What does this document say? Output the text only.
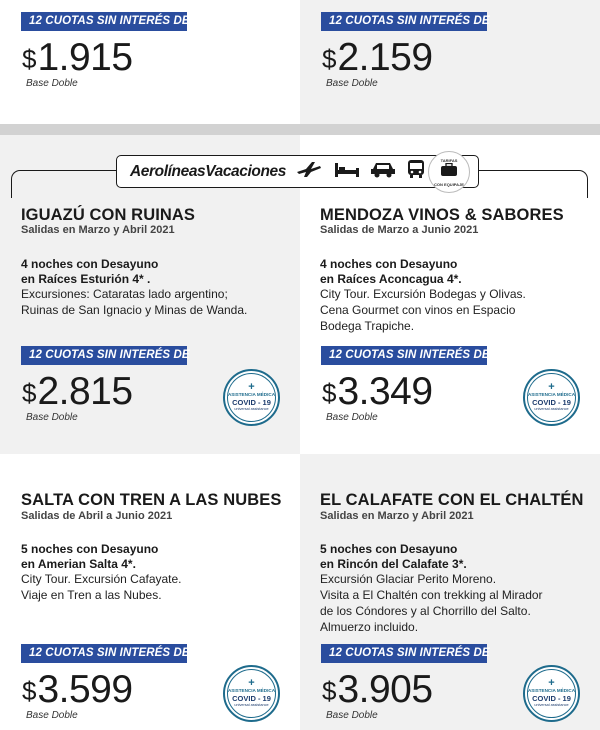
12 CUOTAS SIN INTERÉS DE
$1.915
Base Doble
12 CUOTAS SIN INTERÉS DE
$2.159
Base Doble
AerolíneasVacaciones
TARIFAS
CON EQUIPAJE
IGUAZÚ CON RUINAS
Salidas en Marzo y Abril 2021
4 noches con Desayuno
en Raíces Esturión 4* .
Excursiones: Cataratas lado argentino;
Ruinas de San Ignacio y Minas de Wanda.
12 CUOTAS SIN INTERÉS DE
$2.815
Base Doble
+
ASISTENCIA MÉDICA
COVID - 19
universal assistance
MENDOZA VINOS & SABORES
Salidas de Marzo a Junio 2021
4 noches con Desayuno
en Raíces Aconcagua 4*.
City Tour. Excursión Bodegas y Olivas.
Cena Gourmet con vinos en Espacio
Bodega Trapiche.
12 CUOTAS SIN INTERÉS DE
$3.349
Base Doble
+
ASISTENCIA MÉDICA
COVID - 19
universal assistance
SALTA CON TREN A LAS NUBES
Salidas de Abril a Junio 2021
5 noches con Desayuno
en Amerian Salta 4*.
City Tour. Excursión Cafayate.
Viaje en Tren a las Nubes.
12 CUOTAS SIN INTERÉS DE
$3.599
Base Doble
+
ASISTENCIA MÉDICA
COVID - 19
universal assistance
EL CALAFATE CON EL CHALTÉN
Salidas en Marzo y Abril 2021
5 noches con Desayuno
en Rincón del Calafate 3*.
Excursión Glaciar Perito Moreno.
Visita a El Chaltén con trekking al Mirador
de los Cóndores y al Chorrillo del Salto.
Almuerzo incluido.
12 CUOTAS SIN INTERÉS DE
$3.905
Base Doble
+
ASISTENCIA MÉDICA
COVID - 19
universal assistance
